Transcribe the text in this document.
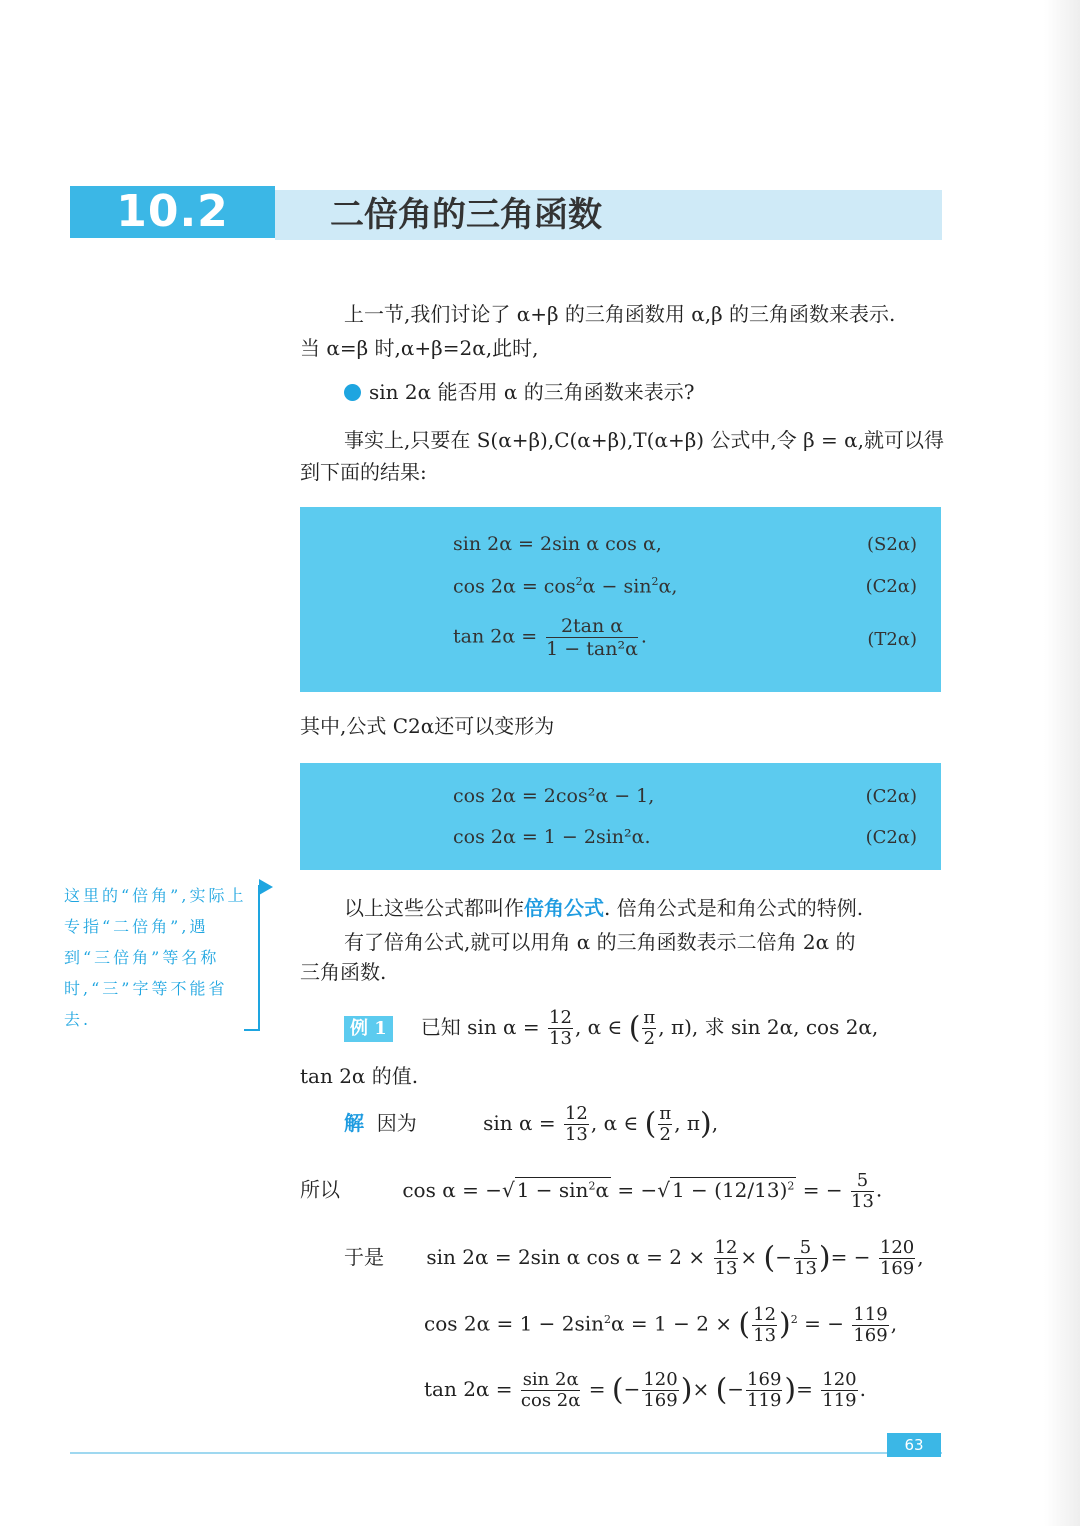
10.2	二倍角的三角函数
上一节,我们讨论了 α+β 的三角函数用 α,β 的三角函数来表示.
当 α=β 时,α+β=2α,此时,
sin 2α 能否用 α 的三角函数来表示?
事实上,只要在 S(α+β),C(α+β),T(α+β) 公式中,令 β = α,就可以得
到下面的结果:
sin 2α = 2sin α cos α,	(S2α)
$\cos 2\alpha = \cos^2\alpha - \sin^2\alpha$,	(C2α)
$\tan 2\alpha = \frac{\text{2tan α}}{\text{1 − tan²α}}$ .	(T2α)
其中,公式 C2α还可以变形为
cos 2α = 2cos²α − 1,	(C2α)
cos 2α = 1 − 2sin²α.	(C2α)
这里的“倍角”,实际上专指“二倍角”,遇到“三倍角”等名称时,“三”字等不能省去.
以上这些公式都叫作倍角公式. 倍角公式是和角公式的特例.
有了倍角公式,就可以用角 α 的三角函数表示二倍角 2α 的
三角函数.
例 1 已知 $\sin \alpha = \frac{12}{13}$ , α ∈ ( $\frac{\pi}{2}$ , π), 求 sin 2α, cos 2α,
tan 2α 的值.
解 因为	$\sin \alpha = \frac{12}{13}$ , α ∈ ( $\frac{\pi}{2}$ , π),
所以	cos α = −√ $1 - \sin^2\alpha$ = −√ $1 - (12/13)^2$ = − $\frac{5}{13}$ .
于是 sin 2α = 2sin α $\cos \alpha = 2 \times \frac{12}{13}$ × (− $\frac{5}{13}$ )= − $\frac{120}{169}$ ,
$\cos 2\alpha = 1 - 2\sin^2\alpha = 1 - 2$ × ( $\frac{12}{13} )^2$ = − $\frac{119}{169}$ ,
$\tan 2\alpha = \frac{\sin 2\alpha}{\cos 2\alpha}$ = (− $\frac{120}{169}$ )× (− $\frac{169}{119}$ )= $\frac{120}{119}$ .
63
